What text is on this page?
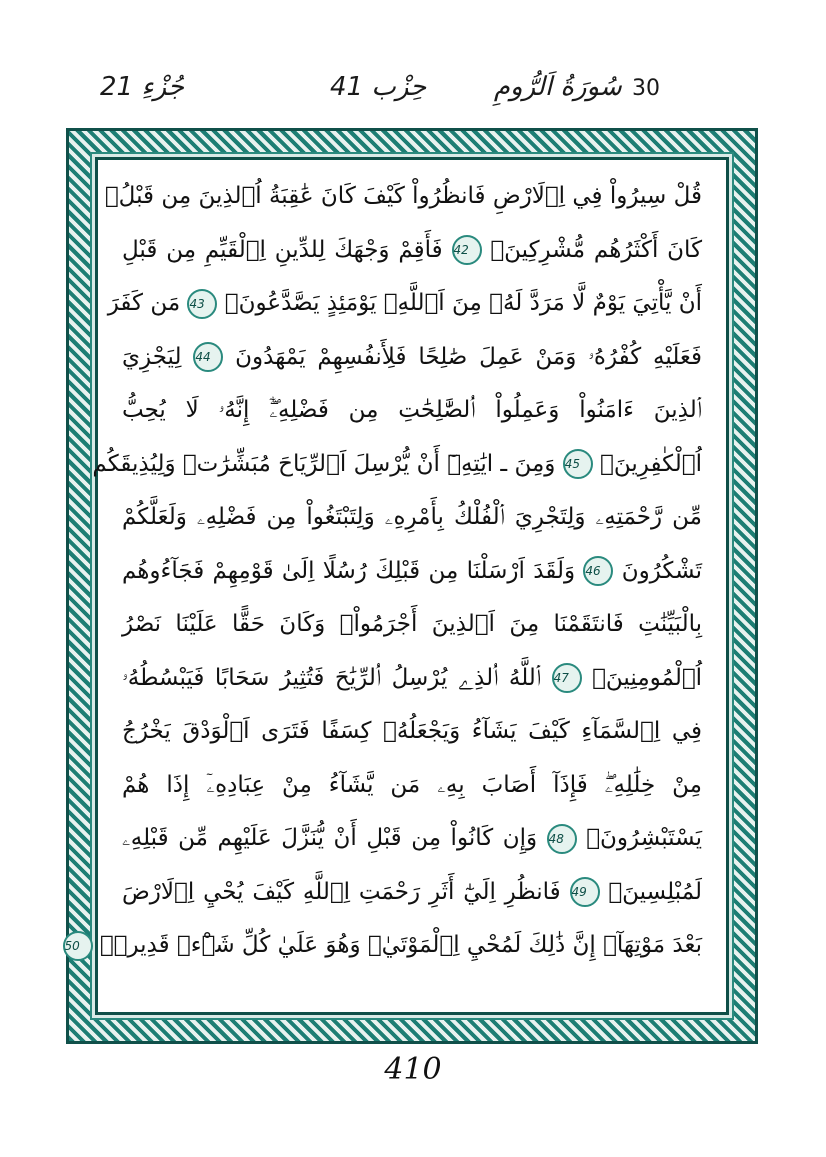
جُزْءِ 21	حِزْب 41	30 سُورَةُ اَلرُّومِ
قُلْ سِيرُواْ فِي اِ۬لَارْضِ فَانظُرُواْ كَيْفَ كَانَ عَٰقِبَةُ اُ۬لذِينَ مِن قَبْلُۖ
كَانَ أَكْثَرُهُم مُّشْرِكِينَۖ 42 فَأَقِمْ وَجْهَكَ لِلدِّينِ اِ۬لْقَيِّمِ مِن قَبْلِ
أَنْ يَّأْتِيَ يَوْمٌ لَّا مَرَدَّ لَهُۥ مِنَ اَ۬للَّهِۖ يَوْمَئِذٍ يَصَّدَّعُونَۖ 43 مَن كَفَرَ
فَعَلَيْهِ كُفْرُهُۥ وَمَنْ عَمِلَ صَٰلِحًا فَلِأَنفُسِهِمْ يَمْهَدُونَ 44 لِيَجْزِيَ
اَ۬لذِينَ ءَامَنُواْ وَعَمِلُواْ اُ۬لصَّٰلِحَٰتِ مِن فَضْلِهِۦٓۖ إِنَّهُۥ لَا يُحِبُّ
اُ۬لْكٰفِرِينَۖ 45 وَمِنَ ـ ايَٰتِهِۦٓ أَنْ يُّرْسِلَ اَ۬لرِّيَاحَ مُبَشِّرَٰتٖ وَلِيُذِيقَكُم
مِّن رَّحْمَتِهِۦ وَلِتَجْرِيَ اَ۬لْفُلْكُ بِأَمْرِهِۦ وَلِتَبْتَغُواْ مِن فَضْلِهِۦ وَلَعَلَّكُمْ
تَشْكُرُونَ 46 وَلَقَدَ اَرْسَلْنَا مِن قَبْلِكَ رُسُلًا اِلَىٰ قَوْمِهِمْ فَجَآءُوهُم
بِالْبَيِّنَٰتِ فَانتَقَمْنَا مِنَ اَ۬لذِينَ أَجْرَمُواْۖ وَكَانَ حَقًّا عَلَيْنَا نَصْرُ
اُ۬لْمُومِنِينَۖ 47 اَ۬للَّهُ اُ۬لذِے يُرْسِلُ اُ۬لرِّيَٰحَ فَتُثِيرُ سَحَابًا فَيَبْسُطُهُۥ
فِي اِ۬لسَّمَآءِ كَيْفَ يَشَآءُ وَيَجْعَلُهُۥ كِسَفًا فَتَرَى اَ۬لْوَدْقَ يَخْرُجُ
مِنْ خِلَٰلِهِۦۖ فَإِذَآ أَصَابَ بِهِۦ مَن يَّشَآءُ مِنْ عِبَادِهِۦٓ إِذَا هُمْ
يَسْتَبْشِرُونَۖ 48 وَإِن كَانُواْ مِن قَبْلِ أَنْ يُّنَزَّلَ عَلَيْهِم مِّن قَبْلِهِۦ
لَمُبْلِسِينَۖ 49 فَانظُرِ اِلَيٰٓ أَثَرِ رَحْمَتِ اِ۬للَّهِ كَيْفَ يُحْيِ اِ۬لَارْضَ
بَعْدَ مَوْتِهَآۖ إِنَّ ذَٰلِكَ لَمُحْيِ اِ۬لْمَوْتَيٰۖ وَهُوَ عَلَيٰ كُلِّ شَےْءٖ قَدِيرٞۖ 50
410
